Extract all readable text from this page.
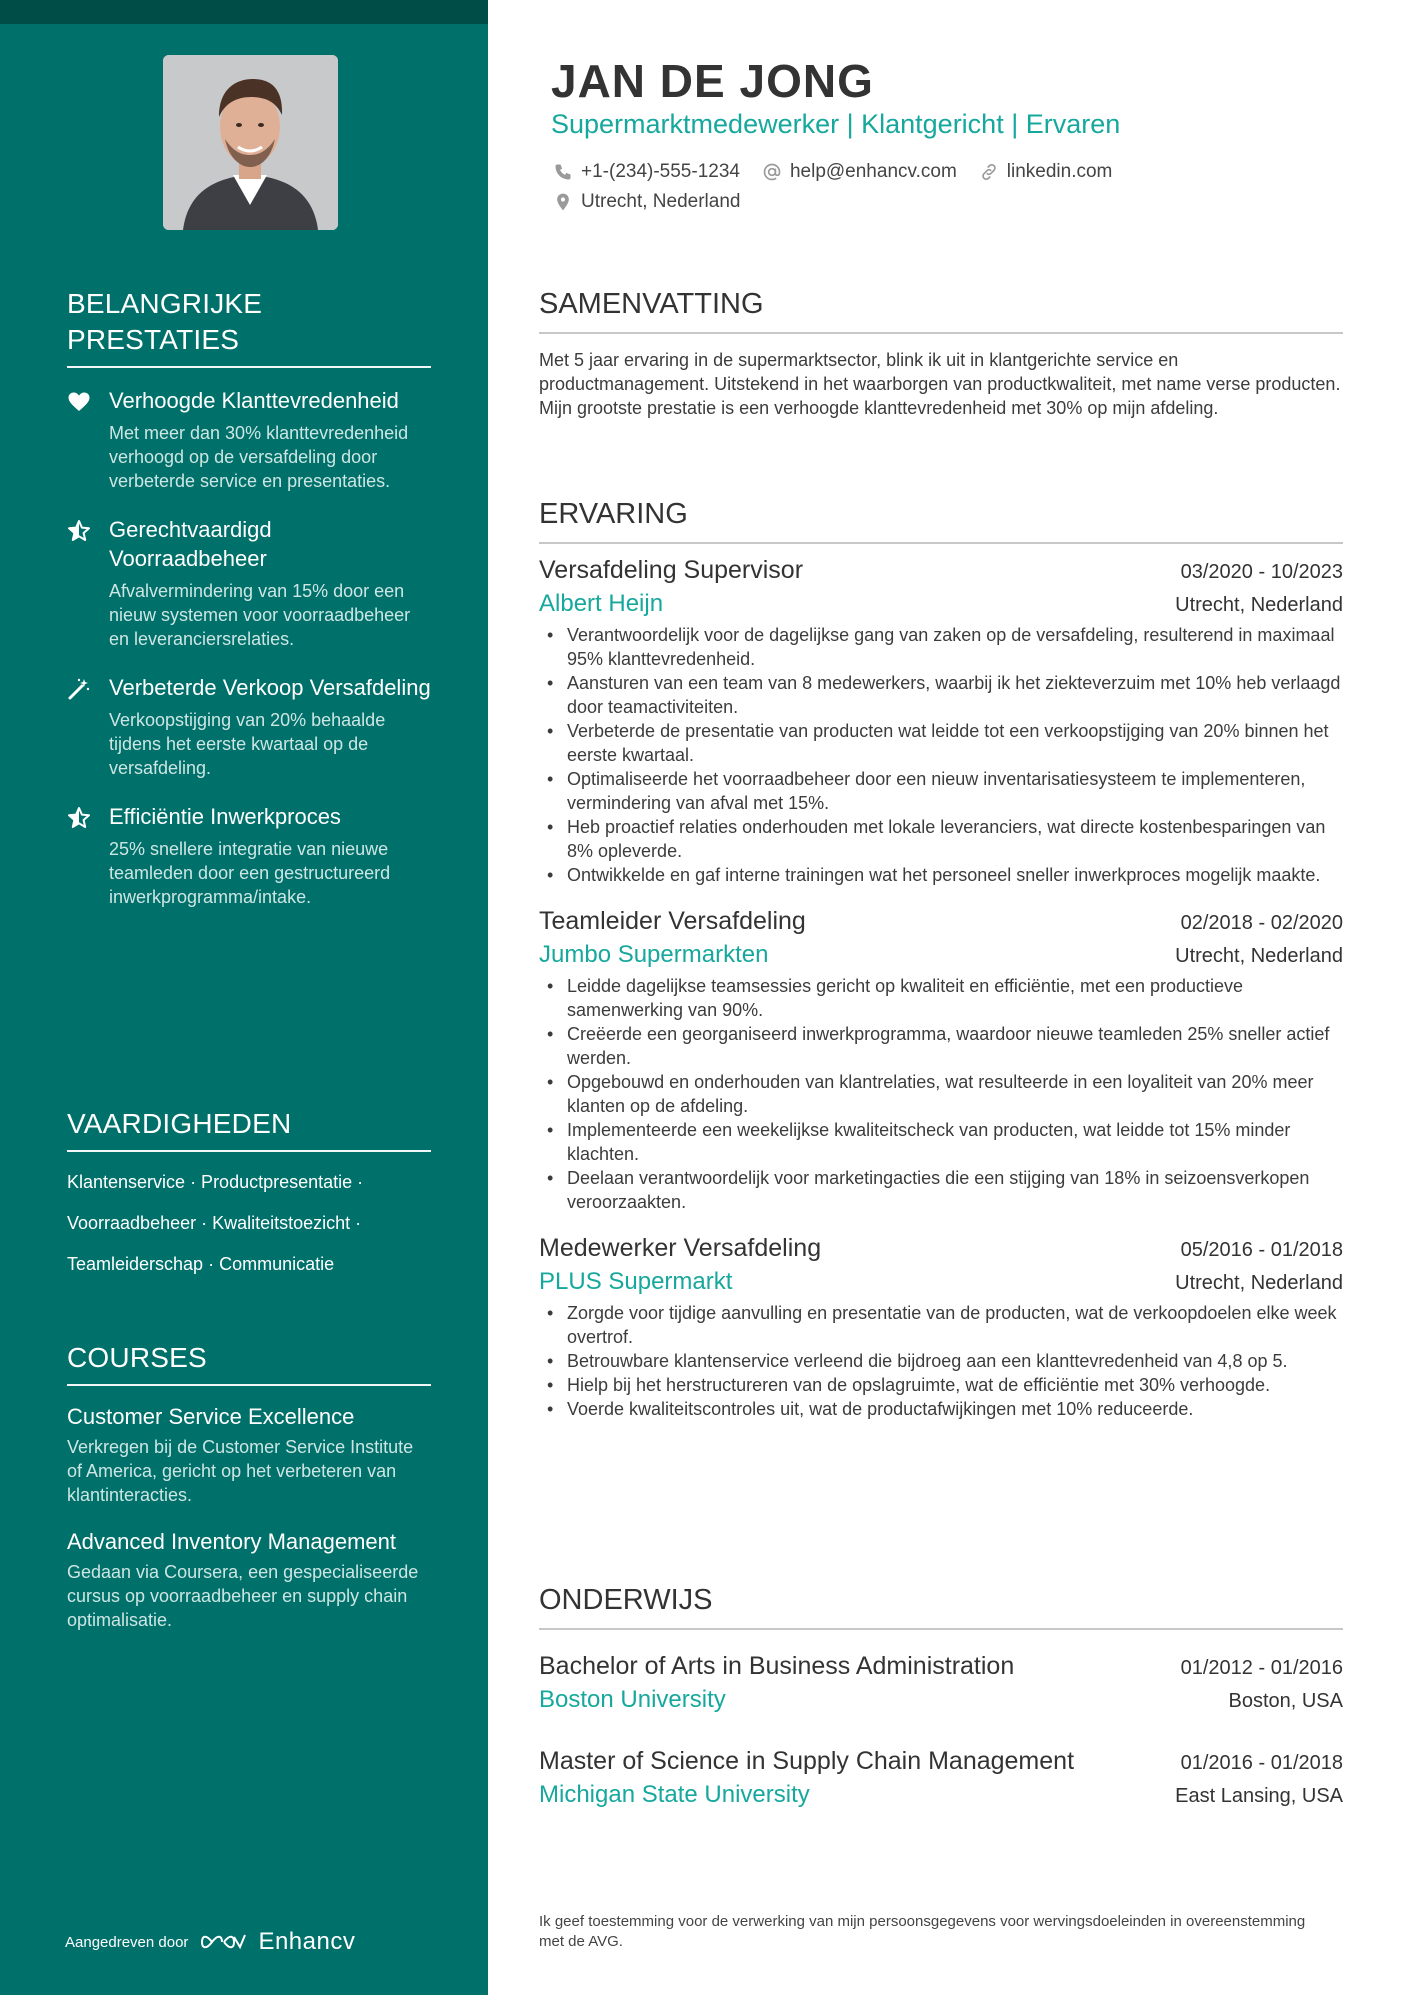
BELANGRIJKE PRESTATIES
Verhoogde Klanttevredenheid
Met meer dan 30% klanttevredenheid verhoogd op de versafdeling door verbeterde service en presentaties.
Gerechtvaardigd Voorraadbeheer
Afvalvermindering van 15% door een nieuw systemen voor voorraadbeheer en leveranciersrelaties.
Verbeterde Verkoop Versafdeling
Verkoopstijging van 20% behaalde tijdens het eerste kwartaal op de versafdeling.
Efficiëntie Inwerkproces
25% snellere integratie van nieuwe teamleden door een gestructureerd inwerkprogramma/intake.
VAARDIGHEDEN
Klantenservice · Productpresentatie ·
Voorraadbeheer · Kwaliteitstoezicht ·
Teamleiderschap · Communicatie
COURSES
Customer Service Excellence
Verkregen bij de Customer Service Institute of America, gericht op het verbeteren van klantinteracties.
Advanced Inventory Management
Gedaan via Coursera, een gespecialiseerde cursus op voorraadbeheer en supply chain optimalisatie.
Aangedreven door	Enhancv
JAN DE JONG
Supermarktmedewerker | Klantgericht | Ervaren
+1-(234)-555-1234	help@enhancv.com	linkedin.com
Utrecht, Nederland
SAMENVATTING
Met 5 jaar ervaring in de supermarktsector, blink ik uit in klantgerichte service en productmanagement. Uitstekend in het waarborgen van productkwaliteit, met name verse producten. Mijn grootste prestatie is een verhoogde klanttevredenheid met 30% op mijn afdeling.
ERVARING
Versafdeling Supervisor	03/2020 - 10/2023
Albert Heijn	Utrecht, Nederland
• Verantwoordelijk voor de dagelijkse gang van zaken op de versafdeling, resulterend in maximaal 95% klanttevredenheid.
• Aansturen van een team van 8 medewerkers, waarbij ik het ziekteverzuim met 10% heb verlaagd door teamactiviteiten.
• Verbeterde de presentatie van producten wat leidde tot een verkoopstijging van 20% binnen het eerste kwartaal.
• Optimaliseerde het voorraadbeheer door een nieuw inventarisatiesysteem te implementeren, vermindering van afval met 15%.
• Heb proactief relaties onderhouden met lokale leveranciers, wat directe kostenbesparingen van 8% opleverde.
• Ontwikkelde en gaf interne trainingen wat het personeel sneller inwerkproces mogelijk maakte.
Teamleider Versafdeling	02/2018 - 02/2020
Jumbo Supermarkten	Utrecht, Nederland
• Leidde dagelijkse teamsessies gericht op kwaliteit en efficiëntie, met een productieve samenwerking van 90%.
• Creëerde een georganiseerd inwerkprogramma, waardoor nieuwe teamleden 25% sneller actief werden.
• Opgebouwd en onderhouden van klantrelaties, wat resulteerde in een loyaliteit van 20% meer klanten op de afdeling.
• Implementeerde een weekelijkse kwaliteitscheck van producten, wat leidde tot 15% minder klachten.
• Deelaan verantwoordelijk voor marketingacties die een stijging van 18% in seizoensverkopen veroorzaakten.
Medewerker Versafdeling	05/2016 - 01/2018
PLUS Supermarkt	Utrecht, Nederland
• Zorgde voor tijdige aanvulling en presentatie van de producten, wat de verkoopdoelen elke week overtrof.
• Betrouwbare klantenservice verleend die bijdroeg aan een klanttevredenheid van 4,8 op 5.
• Hielp bij het herstructureren van de opslagruimte, wat de efficiëntie met 30% verhoogde.
• Voerde kwaliteitscontroles uit, wat de productafwijkingen met 10% reduceerde.
ONDERWIJS
Bachelor of Arts in Business Administration	01/2012 - 01/2016
Boston University	Boston, USA
Master of Science in Supply Chain Management	01/2016 - 01/2018
Michigan State University	East Lansing, USA
Ik geef toestemming voor de verwerking van mijn persoonsgegevens voor wervingsdoeleinden in overeenstemming met de AVG.
